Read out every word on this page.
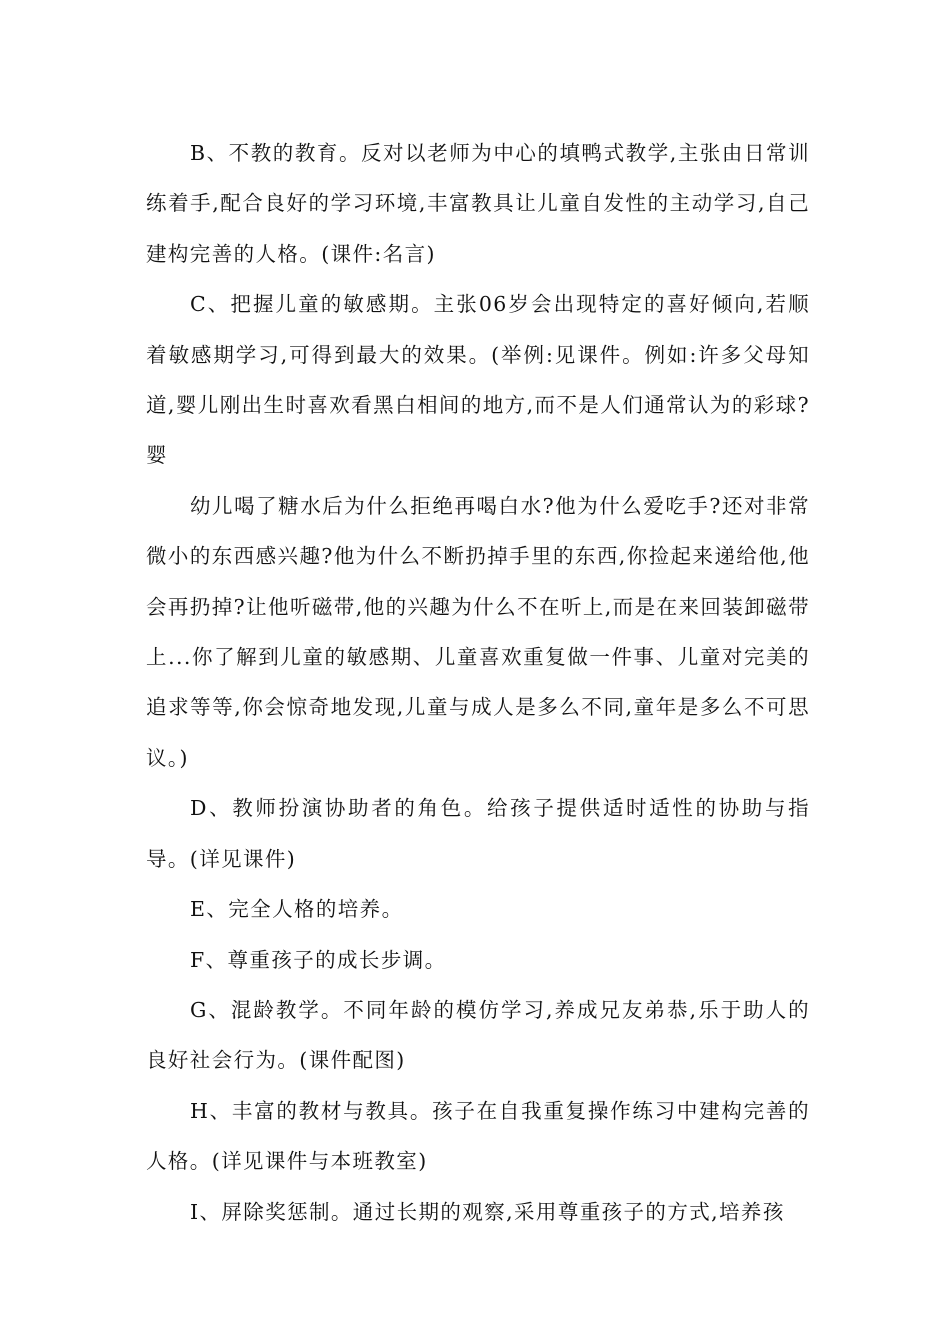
B、不教的教育。反对以老师为中心的填鸭式教学,主张由日常训练着手,配合良好的学习环境,丰富教具让儿童自发性的主动学习,自己建构完善的人格。(课件:名言)

C、把握儿童的敏感期。主张06岁会出现特定的喜好倾向,若顺着敏感期学习,可得到最大的效果。(举例:见课件。例如:许多父母知道,婴儿刚出生时喜欢看黑白相间的地方,而不是人们通常认为的彩球?婴

幼儿喝了糖水后为什么拒绝再喝白水?他为什么爱吃手?还对非常微小的东西感兴趣?他为什么不断扔掉手里的东西,你捡起来递给他,他会再扔掉?让他听磁带,他的兴趣为什么不在听上,而是在来回装卸磁带上...你了解到儿童的敏感期、儿童喜欢重复做一件事、儿童对完美的追求等等,你会惊奇地发现,儿童与成人是多么不同,童年是多么不可思议。)

D、教师扮演协助者的角色。给孩子提供适时适性的协助与指导。(详见课件)

E、完全人格的培养。

F、尊重孩子的成长步调。

G、混龄教学。不同年龄的模仿学习,养成兄友弟恭,乐于助人的良好社会行为。(课件配图)

H、丰富的教材与教具。孩子在自我重复操作练习中建构完善的人格。(详见课件与本班教室)

I、屏除奖惩制。通过长期的观察,采用尊重孩子的方式,培养孩
